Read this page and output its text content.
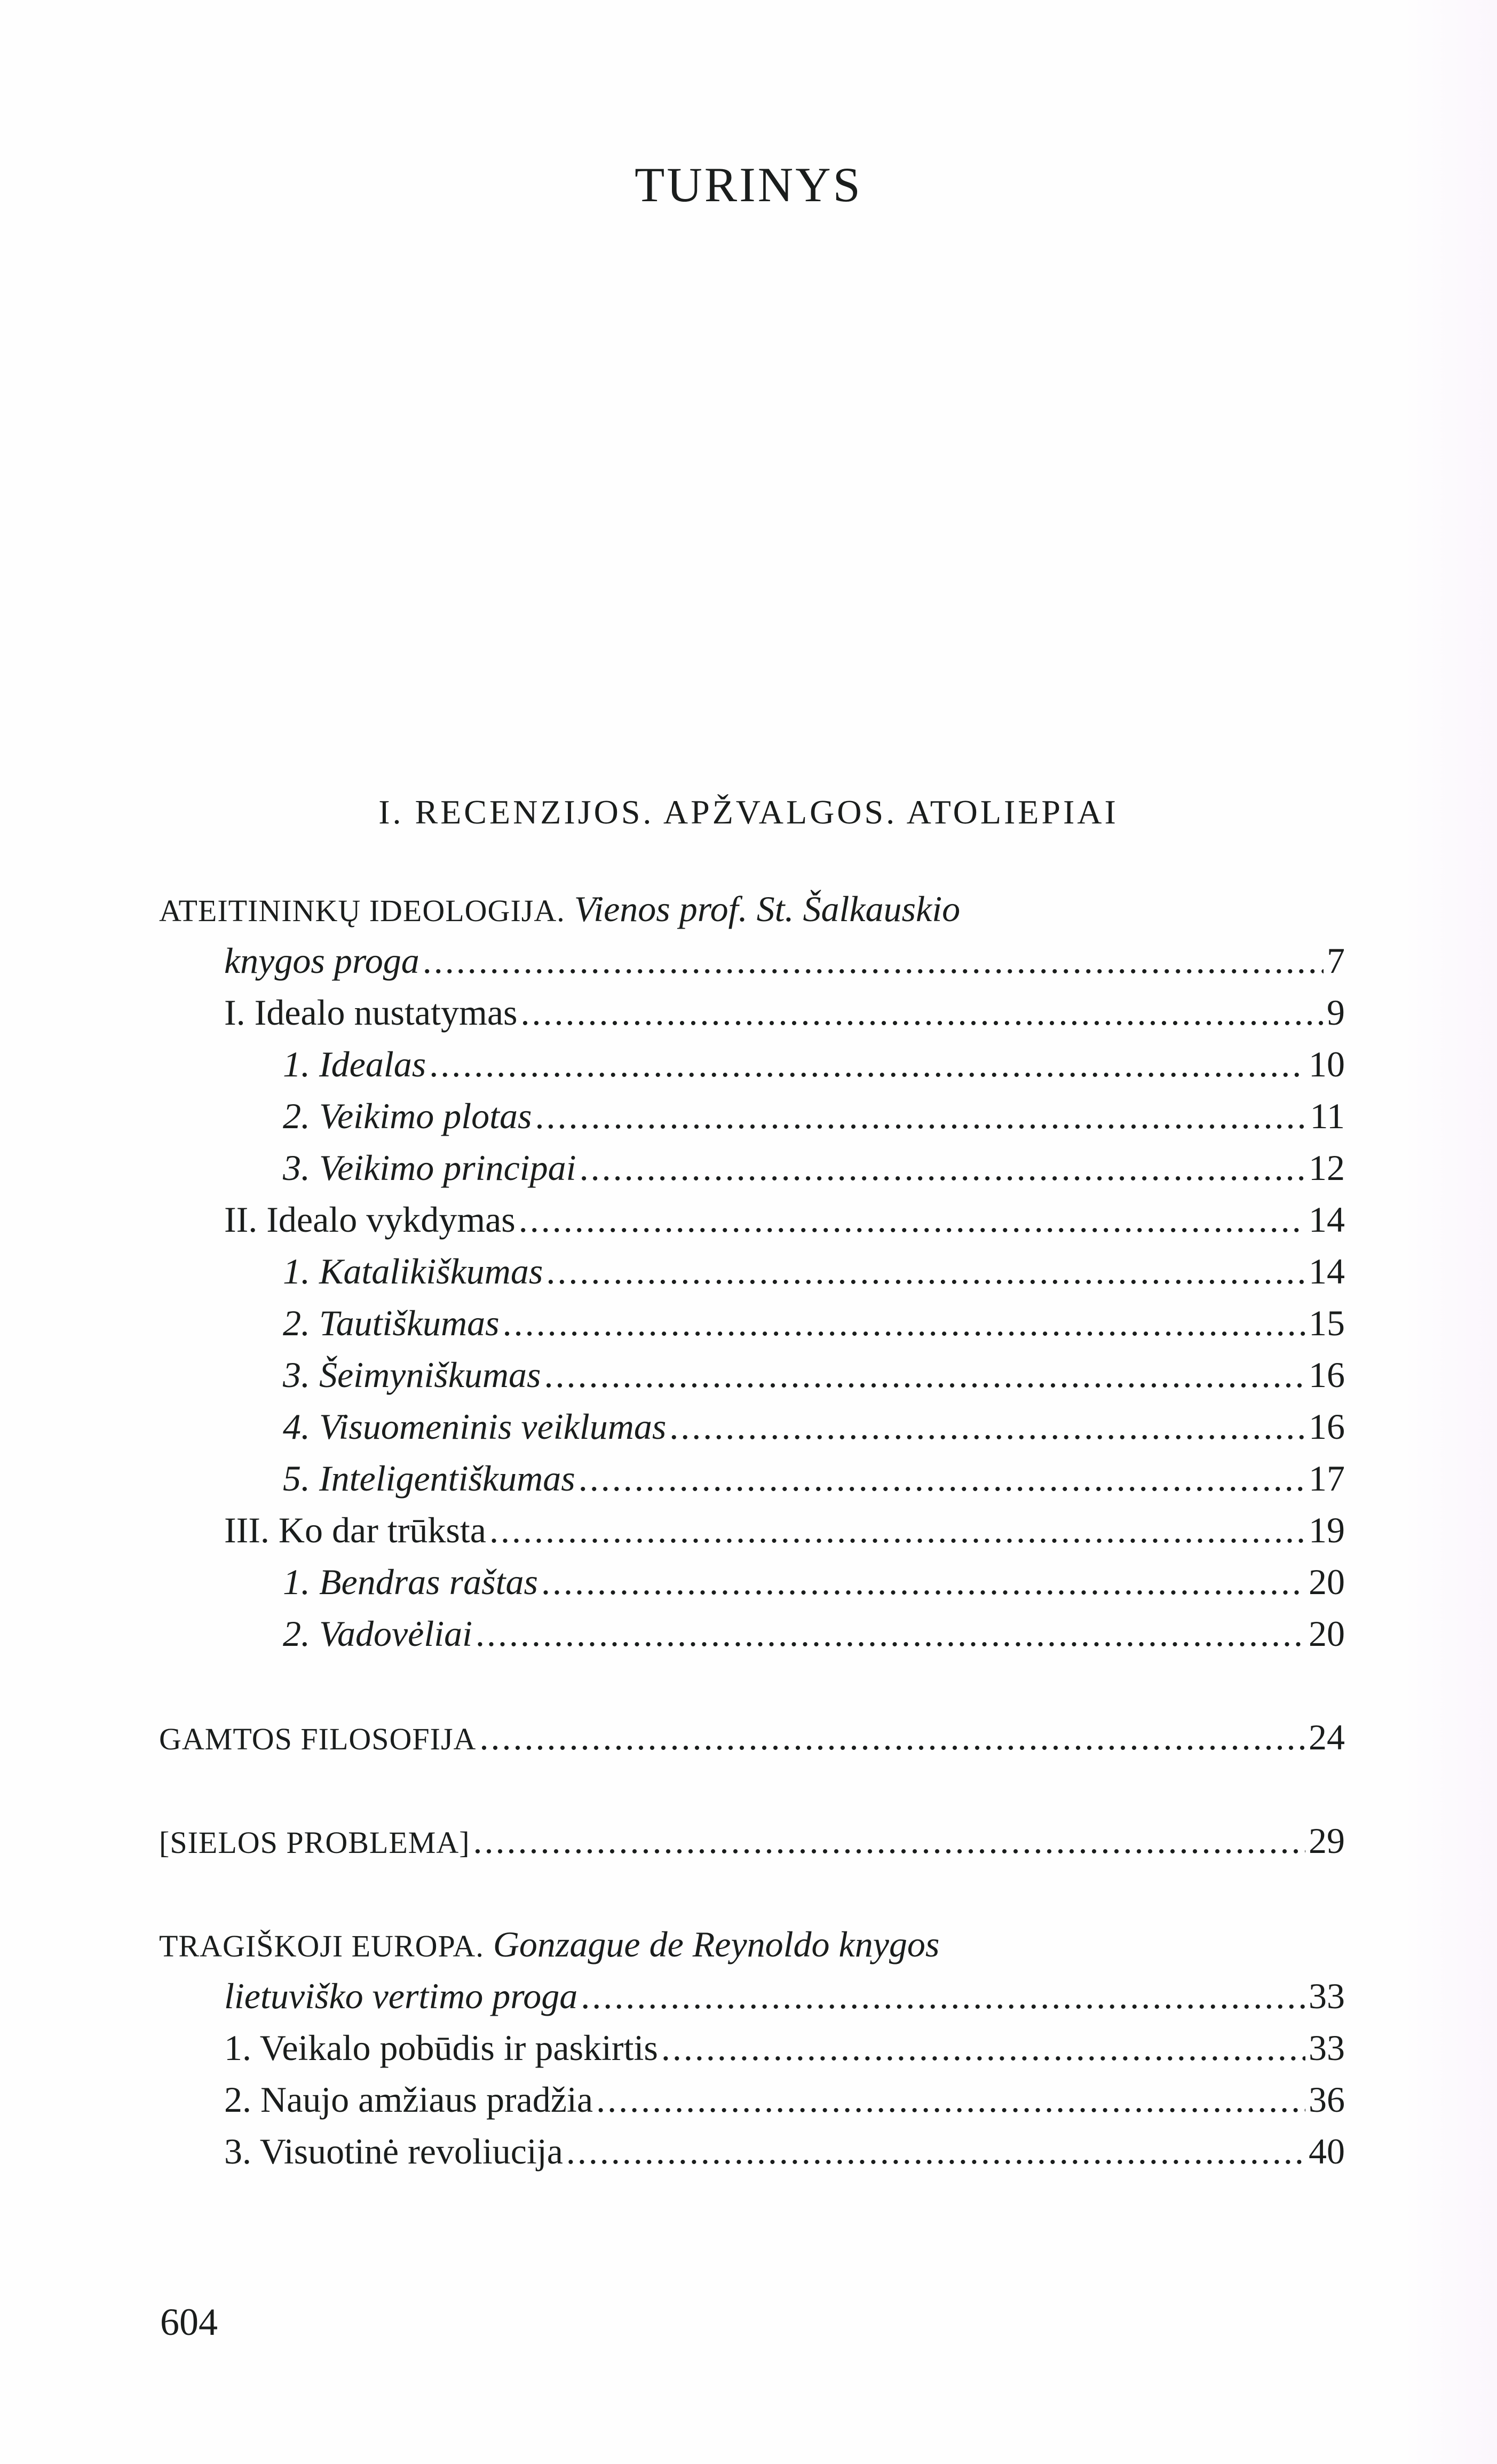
TURINYS
I. RECENZIJOS. APŽVALGOS. ATOLIEPIAI
ATEITININKŲ IDEOLOGIJA. Vienos prof. St. Šalkauskio
knygos proga .....	7
I. Idealo nustatymas .....	9
1. Idealas .....	10
2. Veikimo plotas .....	11
3. Veikimo principai .....	12
II. Idealo vykdymas .....	14
1. Katalikiškumas .....	14
2. Tautiškumas .....	15
3. Šeimyniškumas .....	16
4. Visuomeninis veiklumas .....	16
5. Inteligentiškumas .....	17
III. Ko dar trūksta .....	19
1. Bendras raštas .....	20
2. Vadovėliai .....	20
GAMTOS FILOSOFIJA .....	24
[SIELOS PROBLEMA] .....	29
TRAGIŠKOJI EUROPA. Gonzague de Reynoldo knygos
lietuviško vertimo proga .....	33
1. Veikalo pobūdis ir paskirtis .....	33
2. Naujo amžiaus pradžia .....	36
3. Visuotinė revoliucija .....	40
604
